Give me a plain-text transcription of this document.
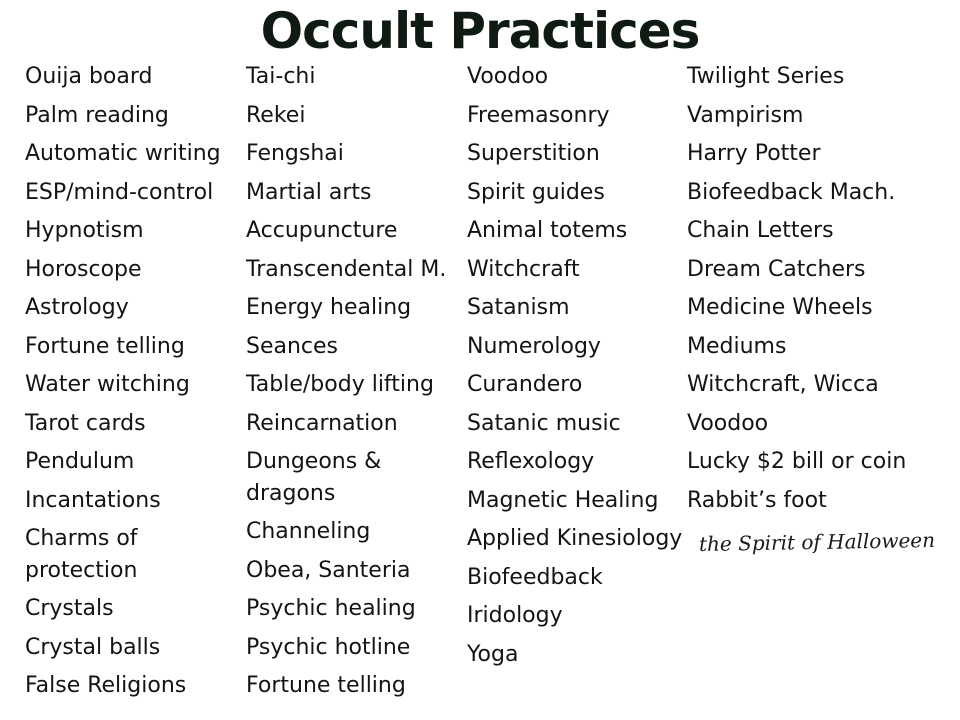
Occult Practices
Ouija board
Palm reading
Automatic writing
ESP/mind-control
Hypnotism
Horoscope
Astrology
Fortune telling
Water witching
Tarot cards
Pendulum
Incantations
Charms of protection
Crystals
Crystal balls
False Religions
Tai-chi
Rekei
Fengshai
Martial arts
Accupuncture
Transcendental M.
Energy healing
Seances
Table/body lifting
Reincarnation
Dungeons & dragons
Channeling
Obea, Santeria
Psychic healing
Psychic hotline
Fortune telling
Voodoo
Freemasonry
Superstition
Spirit guides
Animal totems
Witchcraft
Satanism
Numerology
Curandero
Satanic music
Reflexology
Magnetic Healing
Applied Kinesiology
Biofeedback
Iridology
Yoga
Twilight Series
Vampirism
Harry Potter
Biofeedback Mach.
Chain Letters
Dream Catchers
Medicine Wheels
Mediums
Witchcraft, Wicca
Voodoo
Lucky $2 bill or coin
Rabbit’s foot
the Spirit of Halloween
